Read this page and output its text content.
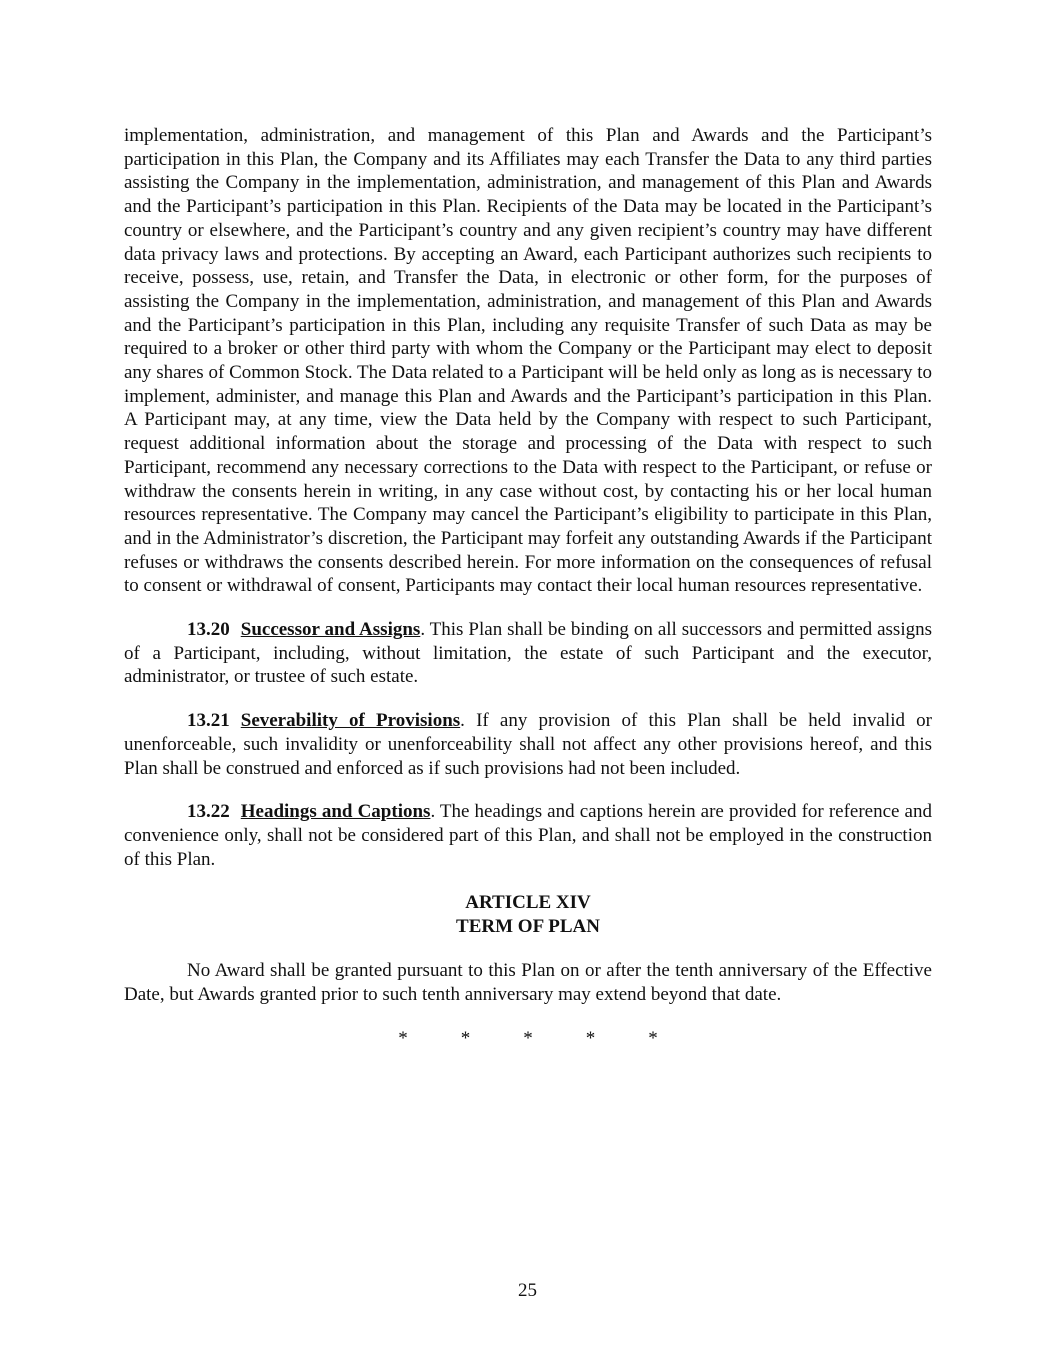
implementation, administration, and management of this Plan and Awards and the Participant’s participation in this Plan, the Company and its Affiliates may each Transfer the Data to any third parties assisting the Company in the implementation, administration, and management of this Plan and Awards and the Participant’s participation in this Plan. Recipients of the Data may be located in the Participant’s country or elsewhere, and the Participant’s country and any given recipient’s country may have different data privacy laws and protections. By accepting an Award, each Participant authorizes such recipients to receive, possess, use, retain, and Transfer the Data, in electronic or other form, for the purposes of assisting the Company in the implementation, administration, and management of this Plan and Awards and the Participant’s participation in this Plan, including any requisite Transfer of such Data as may be required to a broker or other third party with whom the Company or the Participant may elect to deposit any shares of Common Stock. The Data related to a Participant will be held only as long as is necessary to implement, administer, and manage this Plan and Awards and the Participant’s participation in this Plan. A Participant may, at any time, view the Data held by the Company with respect to such Participant, request additional information about the storage and processing of the Data with respect to such Participant, recommend any necessary corrections to the Data with respect to the Participant, or refuse or withdraw the consents herein in writing, in any case without cost, by contacting his or her local human resources representative. The Company may cancel the Participant’s eligibility to participate in this Plan, and in the Administrator’s discretion, the Participant may forfeit any outstanding Awards if the Participant refuses or withdraws the consents described herein. For more information on the consequences of refusal to consent or withdrawal of consent, Participants may contact their local human resources representative.

13.20 Successor and Assigns. This Plan shall be binding on all successors and permitted assigns of a Participant, including, without limitation, the estate of such Participant and the executor, administrator, or trustee of such estate.

13.21 Severability of Provisions. If any provision of this Plan shall be held invalid or unenforceable, such invalidity or unenforceability shall not affect any other provisions hereof, and this Plan shall be construed and enforced as if such provisions had not been included.

13.22 Headings and Captions. The headings and captions herein are provided for reference and convenience only, shall not be considered part of this Plan, and shall not be employed in the construction of this Plan.

ARTICLE XIV
TERM OF PLAN

No Award shall be granted pursuant to this Plan on or after the tenth anniversary of the Effective Date, but Awards granted prior to such tenth anniversary may extend beyond that date.

*	*	*	*	*
25
